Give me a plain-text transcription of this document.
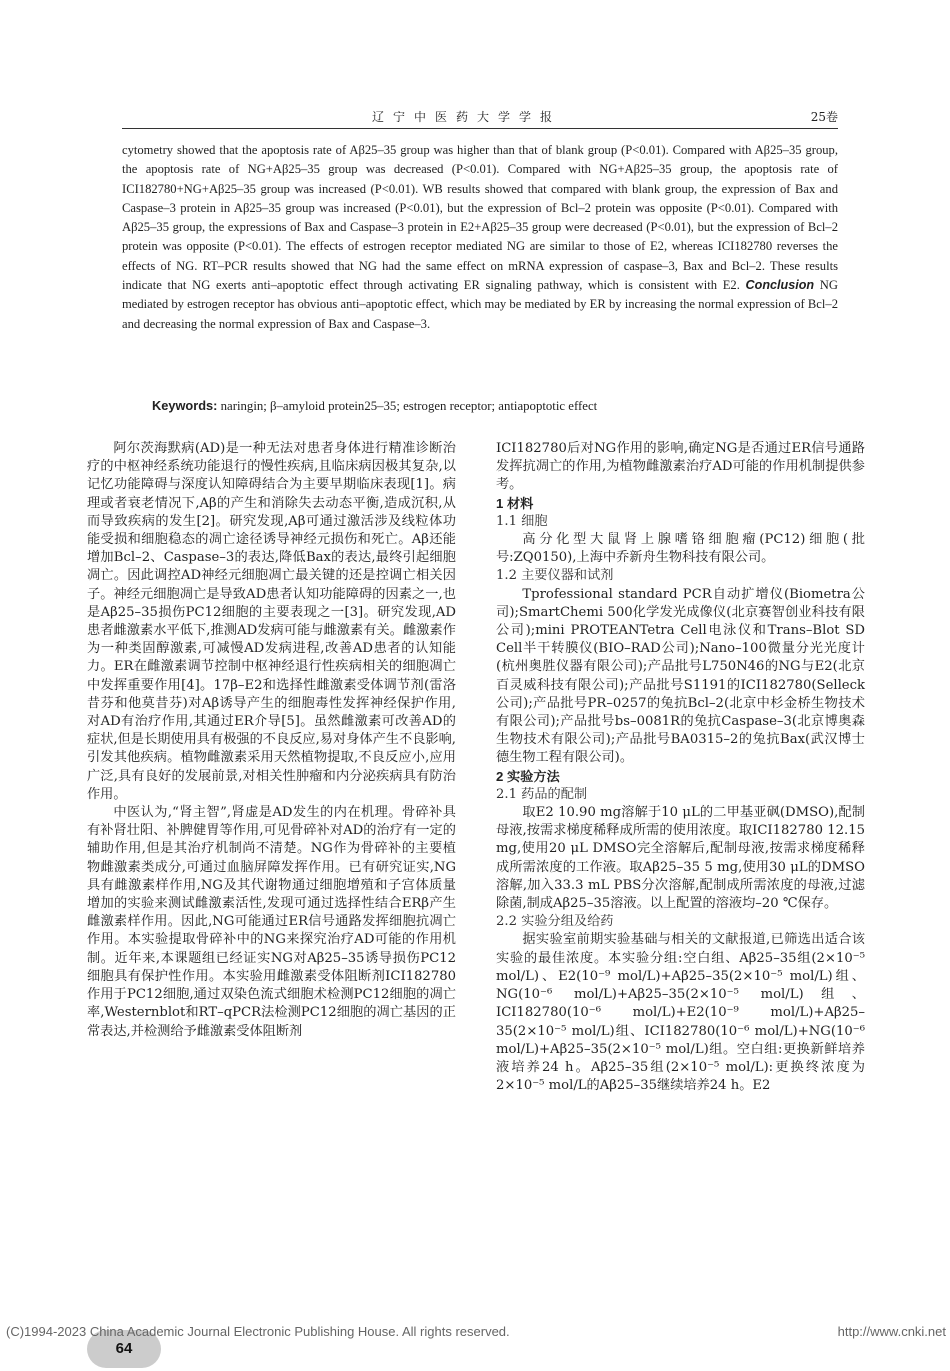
辽宁中医药大学学报	25卷

cytometry showed that the apoptosis rate of Aβ25–35 group was higher than that of blank group (P<0.01). Compared with Aβ25–35 group, the apoptosis rate of NG+Aβ25–35 group was decreased (P<0.01). Compared with NG+Aβ25–35 group, the apoptosis rate of ICI182780+NG+Aβ25–35 group was increased (P<0.01). WB results showed that compared with blank group, the expression of Bax and Caspase–3 protein in Aβ25–35 group was increased (P<0.01), but the expression of Bcl–2 protein was opposite (P<0.01). Compared with Aβ25–35 group, the expressions of Bax and Caspase–3 protein in E2+Aβ25–35 group were decreased (P<0.01), but the expression of Bcl–2 protein was opposite (P<0.01). The effects of estrogen receptor mediated NG are similar to those of E2, whereas ICI182780 reverses the effects of NG. RT–PCR results showed that NG had the same effect on mRNA expression of caspase–3, Bax and Bcl–2. These results indicate that NG exerts anti–apoptotic effect through activating ER signaling pathway, which is consistent with E2. Conclusion NG mediated by estrogen receptor has obvious anti–apoptotic effect, which may be mediated by ER by increasing the normal expression of Bcl–2 and decreasing the normal expression of Bax and Caspase–3.

Keywords: naringin; β–amyloid protein25–35; estrogen receptor; antiapoptotic effect

阿尔茨海默病(AD)是一种无法对患者身体进行精准诊断治疗的中枢神经系统功能退行的慢性疾病,且临床病因极其复杂,以记忆功能障碍与深度认知障碍结合为主要早期临床表现[1]。病理或者衰老情况下,Aβ的产生和消除失去动态平衡,造成沉积,从而导致疾病的发生[2]。研究发现,Aβ可通过激活涉及线粒体功能受损和细胞稳态的凋亡途径诱导神经元损伤和死亡。Aβ还能增加Bcl–2、Caspase–3的表达,降低Bax的表达,最终引起细胞凋亡。因此调控AD神经元细胞凋亡最关键的还是控调亡相关因子。神经元细胞凋亡是导致AD患者认知功能障碍的因素之一,也是Aβ25–35损伤PC12细胞的主要表现之一[3]。研究发现,AD患者雌激素水平低下,推测AD发病可能与雌激素有关。雌激素作为一种类固醇激素,可减慢AD发病进程,改善AD患者的认知能力。ER在雌激素调节控制中枢神经退行性疾病相关的细胞凋亡中发挥重要作用[4]。17β–E2和选择性雌激素受体调节剂(雷洛昔芬和他莫昔芬)对Aβ诱导产生的细胞毒性发挥神经保护作用,对AD有治疗作用,其通过ER介导[5]。虽然雌激素可改善AD的症状,但是长期使用具有极强的不良反应,易对身体产生不良影响,引发其他疾病。植物雌激素采用天然植物提取,不良反应小,应用广泛,具有良好的发展前景,对相关性肿瘤和内分泌疾病具有防治作用。

中医认为,“肾主智”,肾虚是AD发生的内在机理。骨碎补具有补肾壮阳、补脾健胃等作用,可见骨碎补对AD的治疗有一定的辅助作用,但是其治疗机制尚不清楚。NG作为骨碎补的主要植物雌激素类成分,可通过血脑屏障发挥作用。已有研究证实,NG具有雌激素样作用,NG及其代谢物通过细胞增殖和子宫体质量增加的实验来测试雌激素活性,发现可通过选择性结合ERβ产生雌激素样作用。因此,NG可能通过ER信号通路发挥细胞抗凋亡作用。本实验提取骨碎补中的NG来探究治疗AD可能的作用机制。近年来,本课题组已经证实NG对Aβ25–35诱导损伤PC12细胞具有保护性作用。本实验用雌激素受体阻断剂ICI182780作用于PC12细胞,通过双染色流式细胞术检测PC12细胞的凋亡率,Westernblot和RT–qPCR法检测PC12细胞的凋亡基因的正常表达,并检测给予雌激素受体阻断剂

ICI182780后对NG作用的影响,确定NG是否通过ER信号通路发挥抗凋亡的作用,为植物雌激素治疗AD可能的作用机制提供参考。

1 材料

1.1 细胞

高分化型大鼠肾上腺嗜铬细胞瘤(PC12)细胞(批号:ZQ0150),上海中乔新舟生物科技有限公司。

1.2 主要仪器和试剂

Tprofessional standard PCR自动扩增仪(Biometra公司);SmartChemi 500化学发光成像仪(北京赛智创业科技有限公司);mini PROTEANTetra Cell电泳仪和Trans–Blot SD Cell半干转膜仪(BIO–RAD公司);Nano–100微量分光光度计(杭州奥胜仪器有限公司);产品批号L750N46的NG与E2(北京百灵威科技有限公司);产品批号S1191的ICI182780(Selleck公司);产品批号PR–0257的兔抗Bcl–2(北京中杉金桥生物技术有限公司);产品批号bs–0081R的兔抗Caspase–3(北京博奥森生物技术有限公司);产品批号BA0315–2的兔抗Bax(武汉博士德生物工程有限公司)。

2 实验方法

2.1 药品的配制

取E2 10.90 mg溶解于10 μL的二甲基亚砜(DMSO),配制母液,按需求梯度稀释成所需的使用浓度。取ICI182780 12.15 mg,使用20 μL DMSO完全溶解后,配制母液,按需求梯度稀释成所需浓度的工作液。取Aβ25–35 5 mg,使用30 μL的DMSO溶解,加入33.3 mL PBS分次溶解,配制成所需浓度的母液,过滤除菌,制成Aβ25–35溶液。以上配置的溶液均–20 ℃保存。

2.2 实验分组及给药

据实验室前期实验基础与相关的文献报道,已筛选出适合该实验的最佳浓度。本实验分组:空白组、Aβ25–35组(2×10⁻⁵ mol/L)、E2(10⁻⁹ mol/L)+Aβ25–35(2×10⁻⁵ mol/L)组、NG(10⁻⁶ mol/L)+Aβ25–35(2×10⁻⁵ mol/L)组、ICI182780(10⁻⁶ mol/L)+E2(10⁻⁹ mol/L)+Aβ25–35(2×10⁻⁵ mol/L)组、ICI182780(10⁻⁶ mol/L)+NG(10⁻⁶ mol/L)+Aβ25–35(2×10⁻⁵ mol/L)组。空白组:更换新鲜培养液培养24 h。Aβ25–35组(2×10⁻⁵ mol/L):更换终浓度为2×10⁻⁵ mol/L的Aβ25–35继续培养24 h。E2

64
(C)1994-2023 China Academic Journal Electronic Publishing House. All rights reserved.	http://www.cnki.net
